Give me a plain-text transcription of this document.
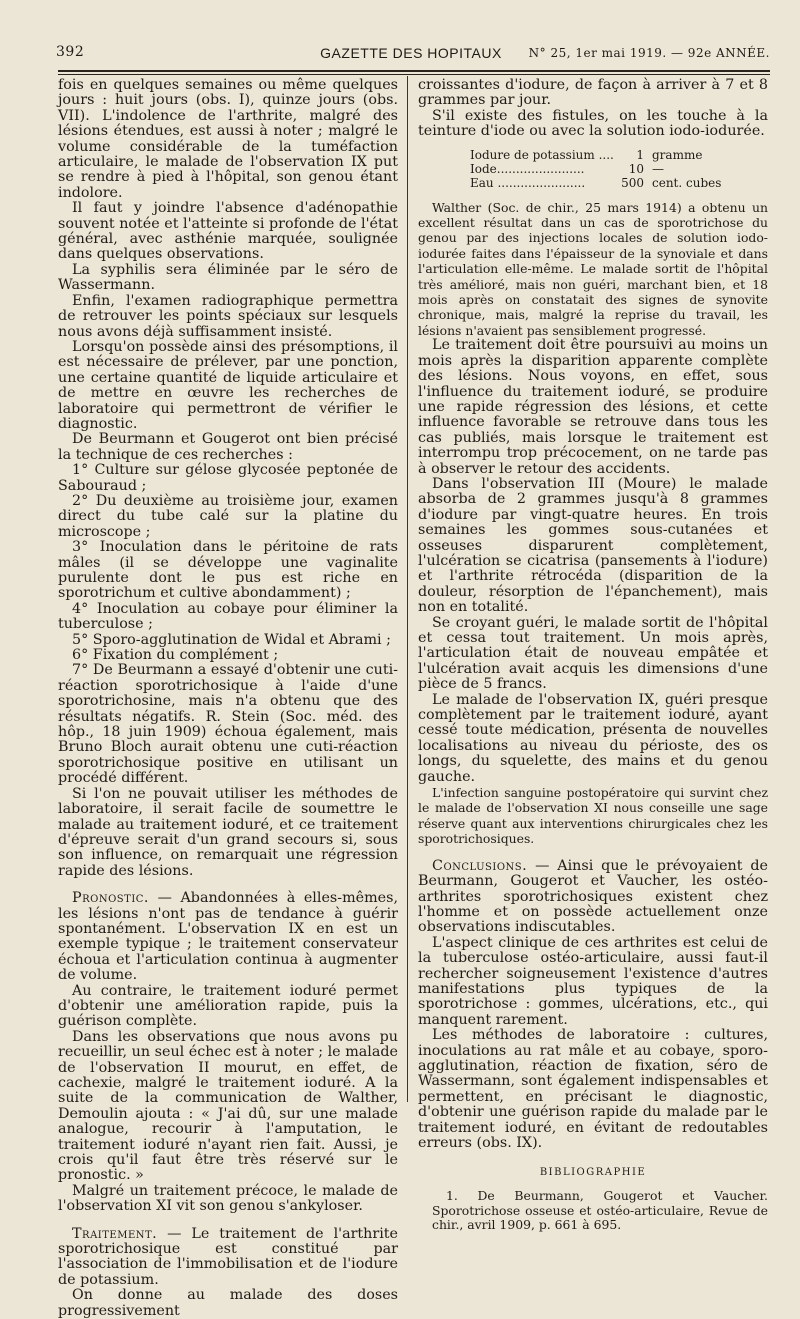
392	GAZETTE DES HOPITAUX	N° 25, 1er mai 1919. — 92e ANNÉE.

fois en quelques semaines ou même quelques jours : huit jours (obs. I), quinze jours (obs. VII). L'indolence de l'arthrite, malgré des lésions étendues, est aussi à noter ; malgré le volume considérable de la tuméfaction articulaire, le malade de l'observation IX put se rendre à pied à l'hôpital, son genou étant indolore.

Il faut y joindre l'absence d'adénopathie souvent notée et l'atteinte si profonde de l'état général, avec asthénie marquée, soulignée dans quelques observations.

La syphilis sera éliminée par le séro de Wassermann.

Enfin, l'examen radiographique permettra de retrouver les points spéciaux sur lesquels nous avons déjà suffisamment insisté.

Lorsqu'on possède ainsi des présomptions, il est nécessaire de prélever, par une ponction, une certaine quantité de liquide articulaire et de mettre en œuvre les recherches de laboratoire qui permettront de vérifier le diagnostic.

De Beurmann et Gougerot ont bien précisé la technique de ces recherches :

1° Culture sur gélose glycosée peptonée de Sabouraud ;

2° Du deuxième au troisième jour, examen direct du tube calé sur la platine du microscope ;

3° Inoculation dans le péritoine de rats mâles (il se développe une vaginalite purulente dont le pus est riche en sporotrichum et cultive abondamment) ;

4° Inoculation au cobaye pour éliminer la tuberculose ;

5° Sporo-agglutination de Widal et Abrami ;

6° Fixation du complément ;

7° De Beurmann a essayé d'obtenir une cuti-réaction sporotrichosique à l'aide d'une sporotrichosine, mais n'a obtenu que des résultats négatifs. R. Stein (Soc. méd. des hôp., 18 juin 1909) échoua également, mais Bruno Bloch aurait obtenu une cuti-réaction sporotrichosique positive en utilisant un procédé différent.

Si l'on ne pouvait utiliser les méthodes de laboratoire, il serait facile de soumettre le malade au traitement ioduré, et ce traitement d'épreuve serait d'un grand secours si, sous son influence, on remarquait une régression rapide des lésions.

Pronostic. — Abandonnées à elles-mêmes, les lésions n'ont pas de tendance à guérir spontanément. L'observation IX en est un exemple typique ; le traitement conservateur échoua et l'articulation continua à augmenter de volume.

Au contraire, le traitement ioduré permet d'obtenir une amélioration rapide, puis la guérison complète.

Dans les observations que nous avons pu recueillir, un seul échec est à noter ; le malade de l'observation II mourut, en effet, de cachexie, malgré le traitement ioduré. A la suite de la communication de Walther, Demoulin ajouta : « J'ai dû, sur une malade analogue, recourir à l'amputation, le traitement ioduré n'ayant rien fait. Aussi, je crois qu'il faut être très réservé sur le pronostic. »

Malgré un traitement précoce, le malade de l'observation XI vit son genou s'ankyloser.

Traitement. — Le traitement de l'arthrite sporotrichosique est constitué par l'association de l'immobilisation et de l'iodure de potassium.

On donne au malade des doses progressivement

croissantes d'iodure, de façon à arriver à 7 et 8 grammes par jour.

S'il existe des fistules, on les touche à la teinture d'iode ou avec la solution iodo-iodurée.

Iodure de potassium ....	1 gramme
Iode.......................	10 —
Eau .......................	500 cent. cubes

Walther (Soc. de chir., 25 mars 1914) a obtenu un excellent résultat dans un cas de sporotrichose du genou par des injections locales de solution iodo-iodurée faites dans l'épaisseur de la synoviale et dans l'articulation elle-même. Le malade sortit de l'hôpital très amélioré, mais non guéri, marchant bien, et 18 mois après on constatait des signes de synovite chronique, mais, malgré la reprise du travail, les lésions n'avaient pas sensiblement progressé.

Le traitement doit être poursuivi au moins un mois après la disparition apparente complète des lésions. Nous voyons, en effet, sous l'influence du traitement ioduré, se produire une rapide régression des lésions, et cette influence favorable se retrouve dans tous les cas publiés, mais lorsque le traitement est interrompu trop précocement, on ne tarde pas à observer le retour des accidents.

Dans l'observation III (Moure) le malade absorba de 2 grammes jusqu'à 8 grammes d'iodure par vingt-quatre heures. En trois semaines les gommes sous-cutanées et osseuses disparurent complètement, l'ulcération se cicatrisa (pansements à l'iodure) et l'arthrite rétrocéda (disparition de la douleur, résorption de l'épanchement), mais non en totalité.

Se croyant guéri, le malade sortit de l'hôpital et cessa tout traitement. Un mois après, l'articulation était de nouveau empâtée et l'ulcération avait acquis les dimensions d'une pièce de 5 francs.

Le malade de l'observation IX, guéri presque complètement par le traitement ioduré, ayant cessé toute médication, présenta de nouvelles localisations au niveau du périoste, des os longs, du squelette, des mains et du genou gauche.

L'infection sanguine postopératoire qui survint chez le malade de l'observation XI nous conseille une sage réserve quant aux interventions chirurgicales chez les sporotrichosiques.

Conclusions. — Ainsi que le prévoyaient de Beurmann, Gougerot et Vaucher, les ostéo-arthrites sporotrichosiques existent chez l'homme et on possède actuellement onze observations indiscutables.

L'aspect clinique de ces arthrites est celui de la tuberculose ostéo-articulaire, aussi faut-il rechercher soigneusement l'existence d'autres manifestations plus typiques de la sporotrichose : gommes, ulcérations, etc., qui manquent rarement.

Les méthodes de laboratoire : cultures, inoculations au rat mâle et au cobaye, sporo-agglutination, réaction de fixation, séro de Wassermann, sont également indispensables et permettent, en précisant le diagnostic, d'obtenir une guérison rapide du malade par le traitement ioduré, en évitant de redoutables erreurs (obs. IX).

BIBLIOGRAPHIE

1. De Beurmann, Gougerot et Vaucher. Sporotrichose osseuse et ostéo-articulaire, Revue de chir., avril 1909, p. 661 à 695.
